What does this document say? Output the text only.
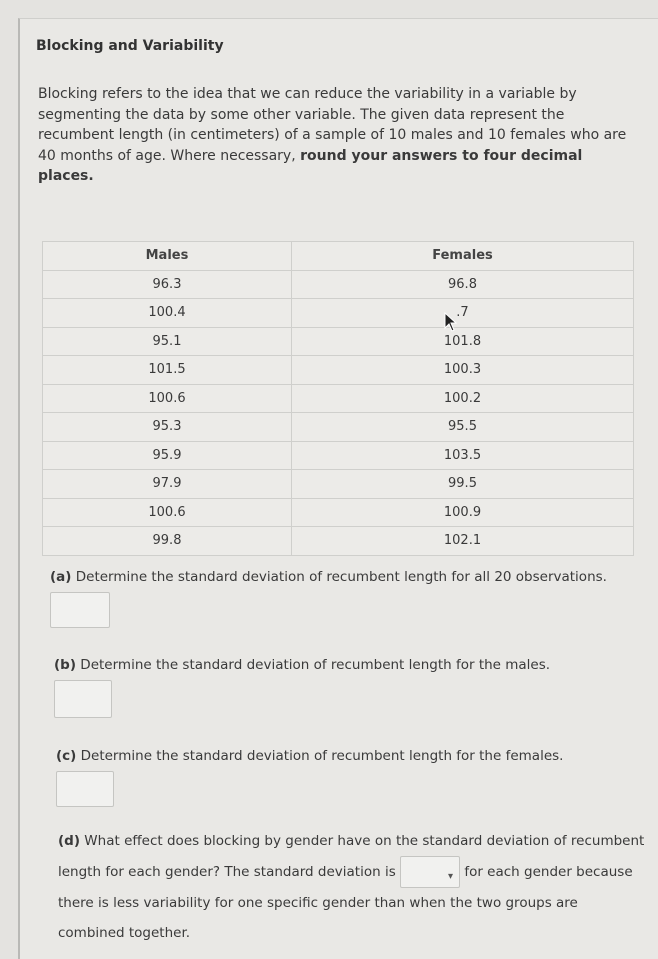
Blocking and Variability
Blocking refers to the idea that we can reduce the variability in a variable by segmenting the data by some other variable. The given data represent the recumbent length (in centimeters) of a sample of 10 males and 10 females who are 40 months of age. Where necessary, round your answers to four decimal places.
Males	Females
96.3	96.8
100.4	.7
95.1	101.8
101.5	100.3
100.6	100.2
95.3	95.5
95.9	103.5
97.9	99.5
100.6	100.9
99.8	102.1
(a) Determine the standard deviation of recumbent length for all 20 observations.
(b) Determine the standard deviation of recumbent length for the males.

(c) Determine the standard deviation of recumbent length for the females.

(d) What effect does blocking by gender have on the standard deviation of recumbent length for each gender? The standard deviation is	▾ for each gender because there is less variability for one specific gender than when the two groups are combined together.
